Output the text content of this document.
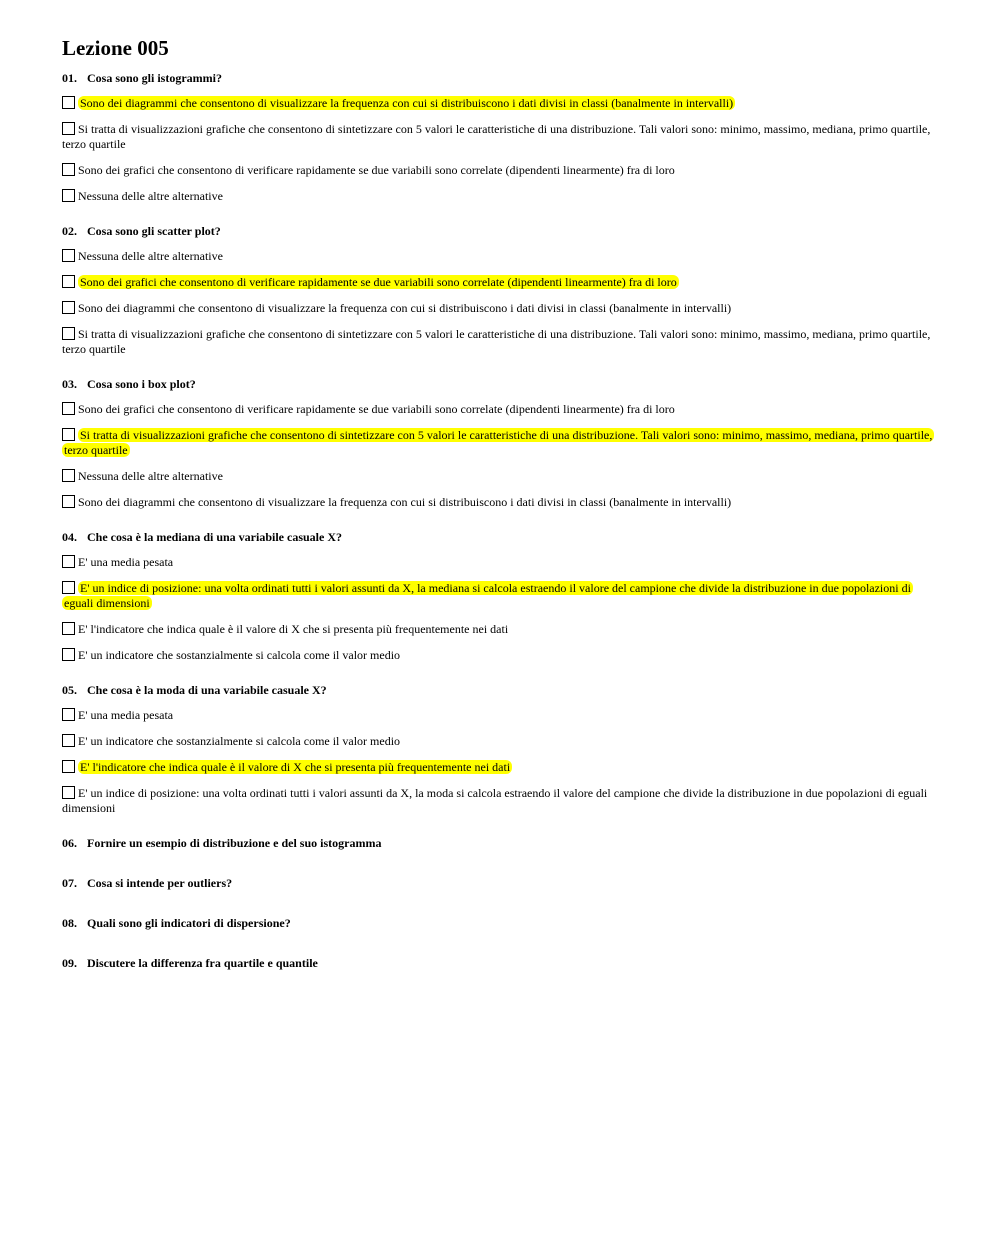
Lezione 005
01. Cosa sono gli istogrammi?
Sono dei diagrammi che consentono di visualizzare la frequenza con cui si distribuiscono i dati divisi in classi (banalmente in intervalli)
Si tratta di visualizzazioni grafiche che consentono di sintetizzare con 5 valori le caratteristiche di una distribuzione. Tali valori sono: minimo, massimo, mediana, primo quartile, terzo quartile
Sono dei grafici che consentono di verificare rapidamente se due variabili sono correlate (dipendenti linearmente) fra di loro
Nessuna delle altre alternative
02. Cosa sono gli scatter plot?
Nessuna delle altre alternative
Sono dei grafici che consentono di verificare rapidamente se due variabili sono correlate (dipendenti linearmente) fra di loro
Sono dei diagrammi che consentono di visualizzare la frequenza con cui si distribuiscono i dati divisi in classi (banalmente in intervalli)
Si tratta di visualizzazioni grafiche che consentono di sintetizzare con 5 valori le caratteristiche di una distribuzione. Tali valori sono: minimo, massimo, mediana, primo quartile, terzo quartile
03. Cosa sono i box plot?
Sono dei grafici che consentono di verificare rapidamente se due variabili sono correlate (dipendenti linearmente) fra di loro
Si tratta di visualizzazioni grafiche che consentono di sintetizzare con 5 valori le caratteristiche di una distribuzione. Tali valori sono: minimo, massimo, mediana, primo quartile, terzo quartile
Nessuna delle altre alternative
Sono dei diagrammi che consentono di visualizzare la frequenza con cui si distribuiscono i dati divisi in classi (banalmente in intervalli)
04. Che cosa è la mediana di una variabile casuale X?
E' una media pesata
E' un indice di posizione: una volta ordinati tutti i valori assunti da X, la mediana si calcola estraendo il valore del campione che divide la distribuzione in due popolazioni di eguali dimensioni
E' l'indicatore che indica quale è il valore di X che si presenta più frequentemente nei dati
E' un indicatore che sostanzialmente si calcola come il valor medio
05. Che cosa è la moda di una variabile casuale X?
E' una media pesata
E' un indicatore che sostanzialmente si calcola come il valor medio
E' l'indicatore che indica quale è il valore di X che si presenta più frequentemente nei dati
E' un indice di posizione: una volta ordinati tutti i valori assunti da X, la moda si calcola estraendo il valore del campione che divide la distribuzione in due popolazioni di eguali dimensioni
06. Fornire un esempio di distribuzione e del suo istogramma
07. Cosa si intende per outliers?
08. Quali sono gli indicatori di dispersione?
09. Discutere la differenza fra quartile e quantile
